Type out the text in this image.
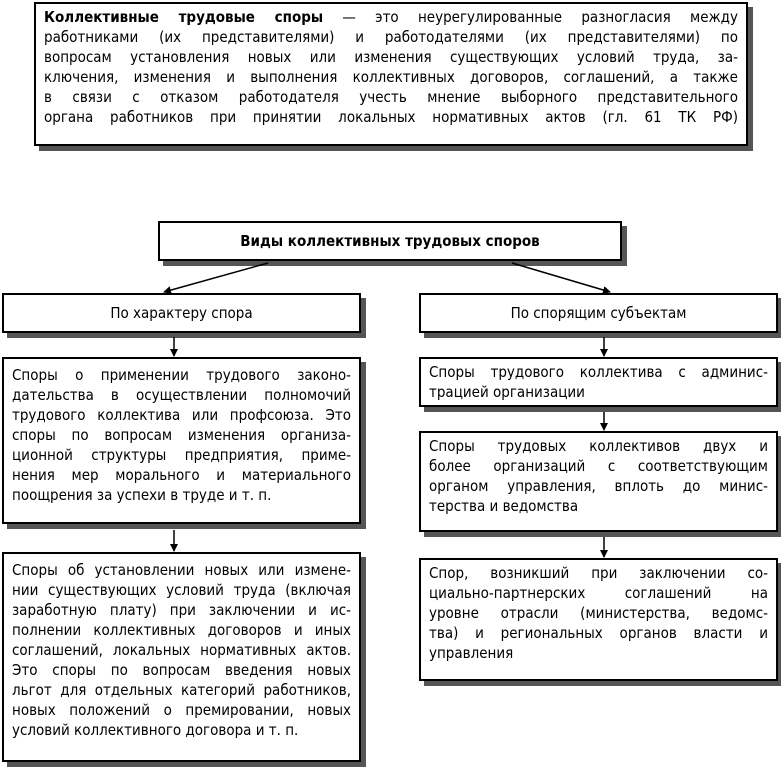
Коллективные трудовые споры — это неурегулированные разногласия между
работниками (их представителями) и работодателями (их представителями) по
вопросам установления новых или изменения существующих условий труда, за-
ключения, изменения и выполнения коллективных договоров, соглашений, а также
в связи с отказом работодателя учесть мнение выборного представительного
органа работников при принятии локальных нормативных актов (гл. 61 ТК РФ)
Виды коллективных трудовых споров
По характеру спора	По спорящим субъектам
Споры о применении трудового законо-
дательства в осуществлении полномочий
трудового коллектива или профсоюза. Это
споры по вопросам изменения организа-
ционной структуры предприятия, приме-
нения мер морального и материального
поощрения за успехи в труде и т. п.
Споры об установлении новых или измене-
нии существующих условий труда (включая
заработную плату) при заключении и ис-
полнении коллективных договоров и иных
соглашений, локальных нормативных актов.
Это споры по вопросам введения новых
льгот для отдельных категорий работников,
новых положений о премировании, новых
условий коллективного договора и т. п.
Споры трудового коллектива с админис-
трацией организации
Споры трудовых коллективов двух и
более организаций с соответствующим
органом управления, вплоть до минис-
терства и ведомства
Спор, возникший при заключении со-
циально-партнерских соглашений на
уровне отрасли (министерства, ведомс-
тва) и региональных органов власти и
управления
